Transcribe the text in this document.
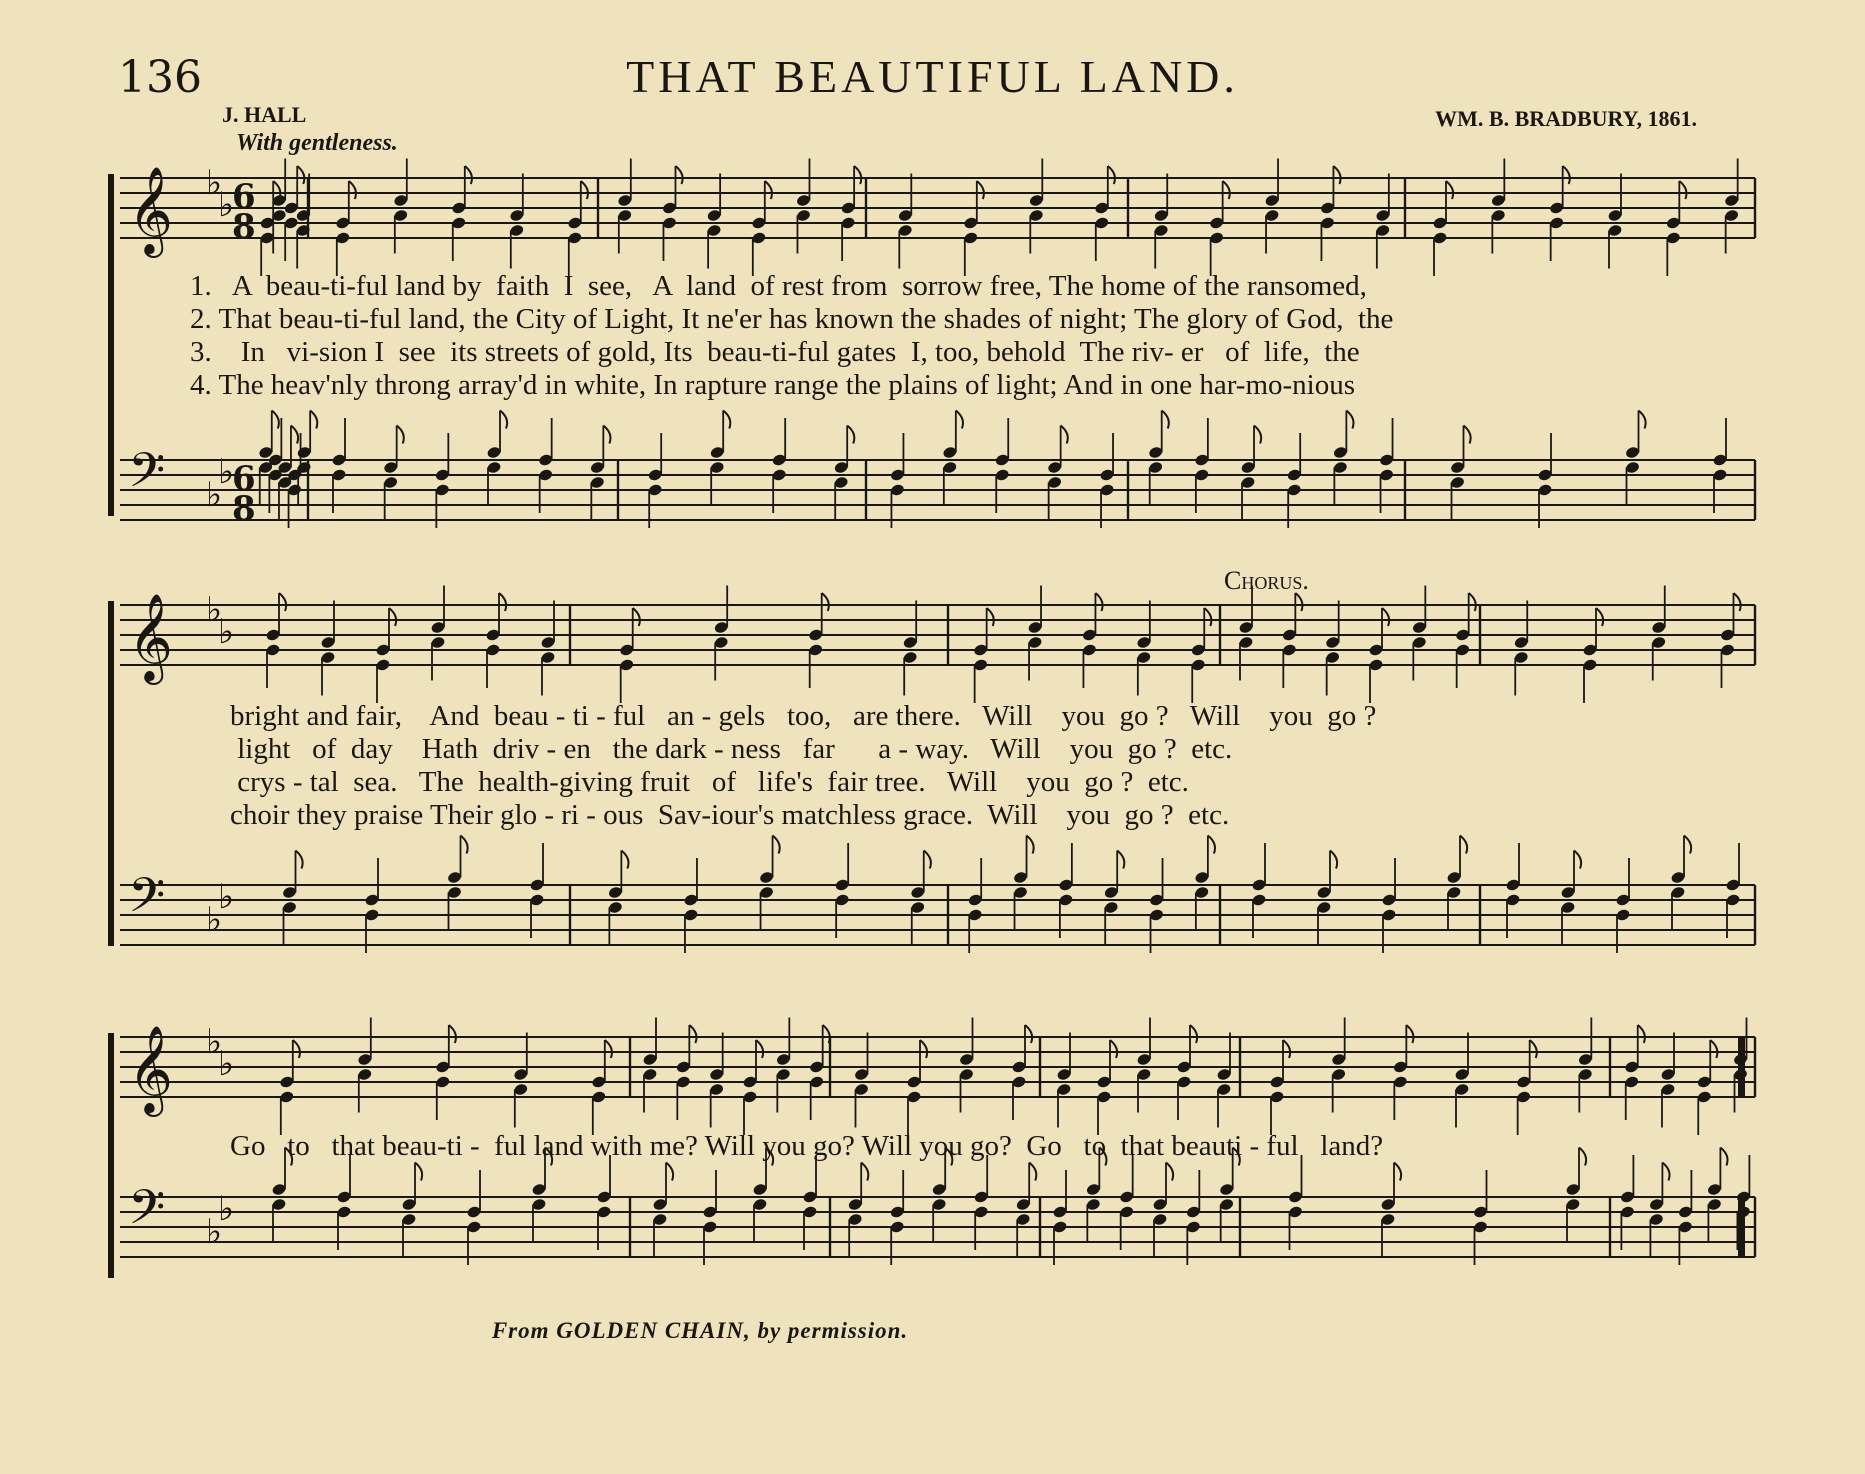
136	THAT BEAUTIFUL LAND.
J. HALL	WM. B. BRADBURY, 1861.
With gentleness.
𝄞 ♭
♭
6
8
𝄢 ♭
♭
6
8
𝄞 ♭
♭
𝄢 ♭
♭
𝄞 ♭
♭
𝄢 ♭
♭
1.   A  beau-ti-ful land by  faith  I  see,   A  land  of rest from  sorrow free, The home of the ransomed,
2. That beau-ti-ful land, the City of Light, It ne'er has known the shades of night; The glory of God,  the
3.    In   vi-sion I  see  its streets of gold, Its  beau-ti-ful gates  I, too, behold  The riv- er   of  life,  the
4. The heav'nly throng array'd in white, In rapture range the plains of light; And in one har-mo-nious
Chorus.
bright and fair,    And  beau - ti - ful   an - gels   too,   are there.   Will    you  go ?   Will    you  go ?
light   of  day    Hath  driv - en   the dark - ness   far      a - way.   Will    you  go ?  etc.
crys - tal  sea.   The  health-giving fruit   of   life's  fair tree.   Will    you  go ?  etc.
choir they praise Their glo - ri - ous  Sav-iour's matchless grace.  Will    you  go ?  etc.
Go   to   that beau-ti -  ful land with me? Will you go? Will you go?  Go   to  that beauti - ful   land?
From GOLDEN CHAIN, by permission.
